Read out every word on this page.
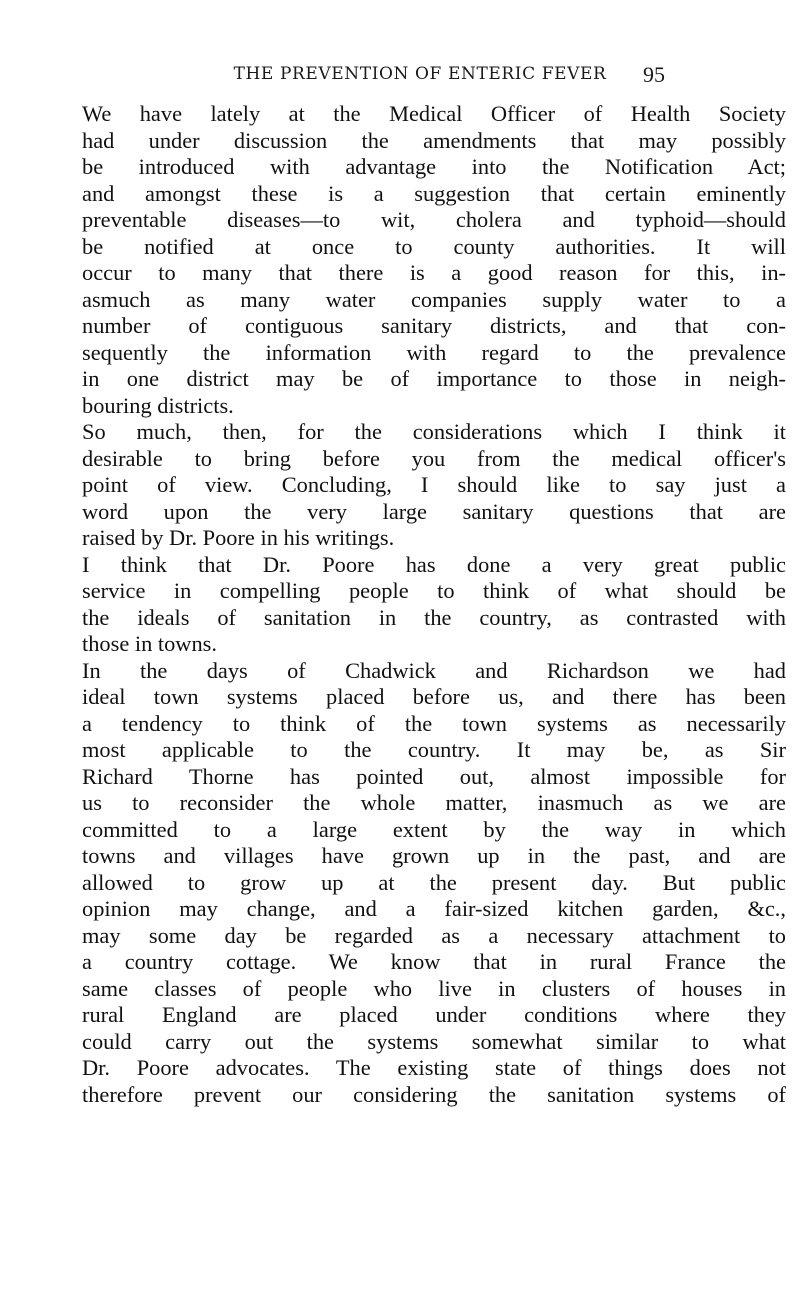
THE PREVENTION OF ENTERIC FEVER	95
We have lately at the Medical Officer of Health Society
had under discussion the amendments that may possibly
be introduced with advantage into the Notification Act;
and amongst these is a suggestion that certain eminently
preventable diseases—to wit, cholera and typhoid—should
be notified at once to county authorities. It will
occur to many that there is a good reason for this, in-
asmuch as many water companies supply water to a
number of contiguous sanitary districts, and that con-
sequently the information with regard to the prevalence
in one district may be of importance to those in neigh-
bouring districts.
So much, then, for the considerations which I think it
desirable to bring before you from the medical officer's
point of view. Concluding, I should like to say just a
word upon the very large sanitary questions that are
raised by Dr. Poore in his writings.
I think that Dr. Poore has done a very great public
service in compelling people to think of what should be
the ideals of sanitation in the country, as contrasted with
those in towns.
In the days of Chadwick and Richardson we had
ideal town systems placed before us, and there has been
a tendency to think of the town systems as necessarily
most applicable to the country. It may be, as Sir
Richard Thorne has pointed out, almost impossible for
us to reconsider the whole matter, inasmuch as we are
committed to a large extent by the way in which
towns and villages have grown up in the past, and are
allowed to grow up at the present day. But public
opinion may change, and a fair-sized kitchen garden, &c.,
may some day be regarded as a necessary attachment to
a country cottage. We know that in rural France the
same classes of people who live in clusters of houses in
rural England are placed under conditions where they
could carry out the systems somewhat similar to what
Dr. Poore advocates. The existing state of things does not
therefore prevent our considering the sanitation systems of
